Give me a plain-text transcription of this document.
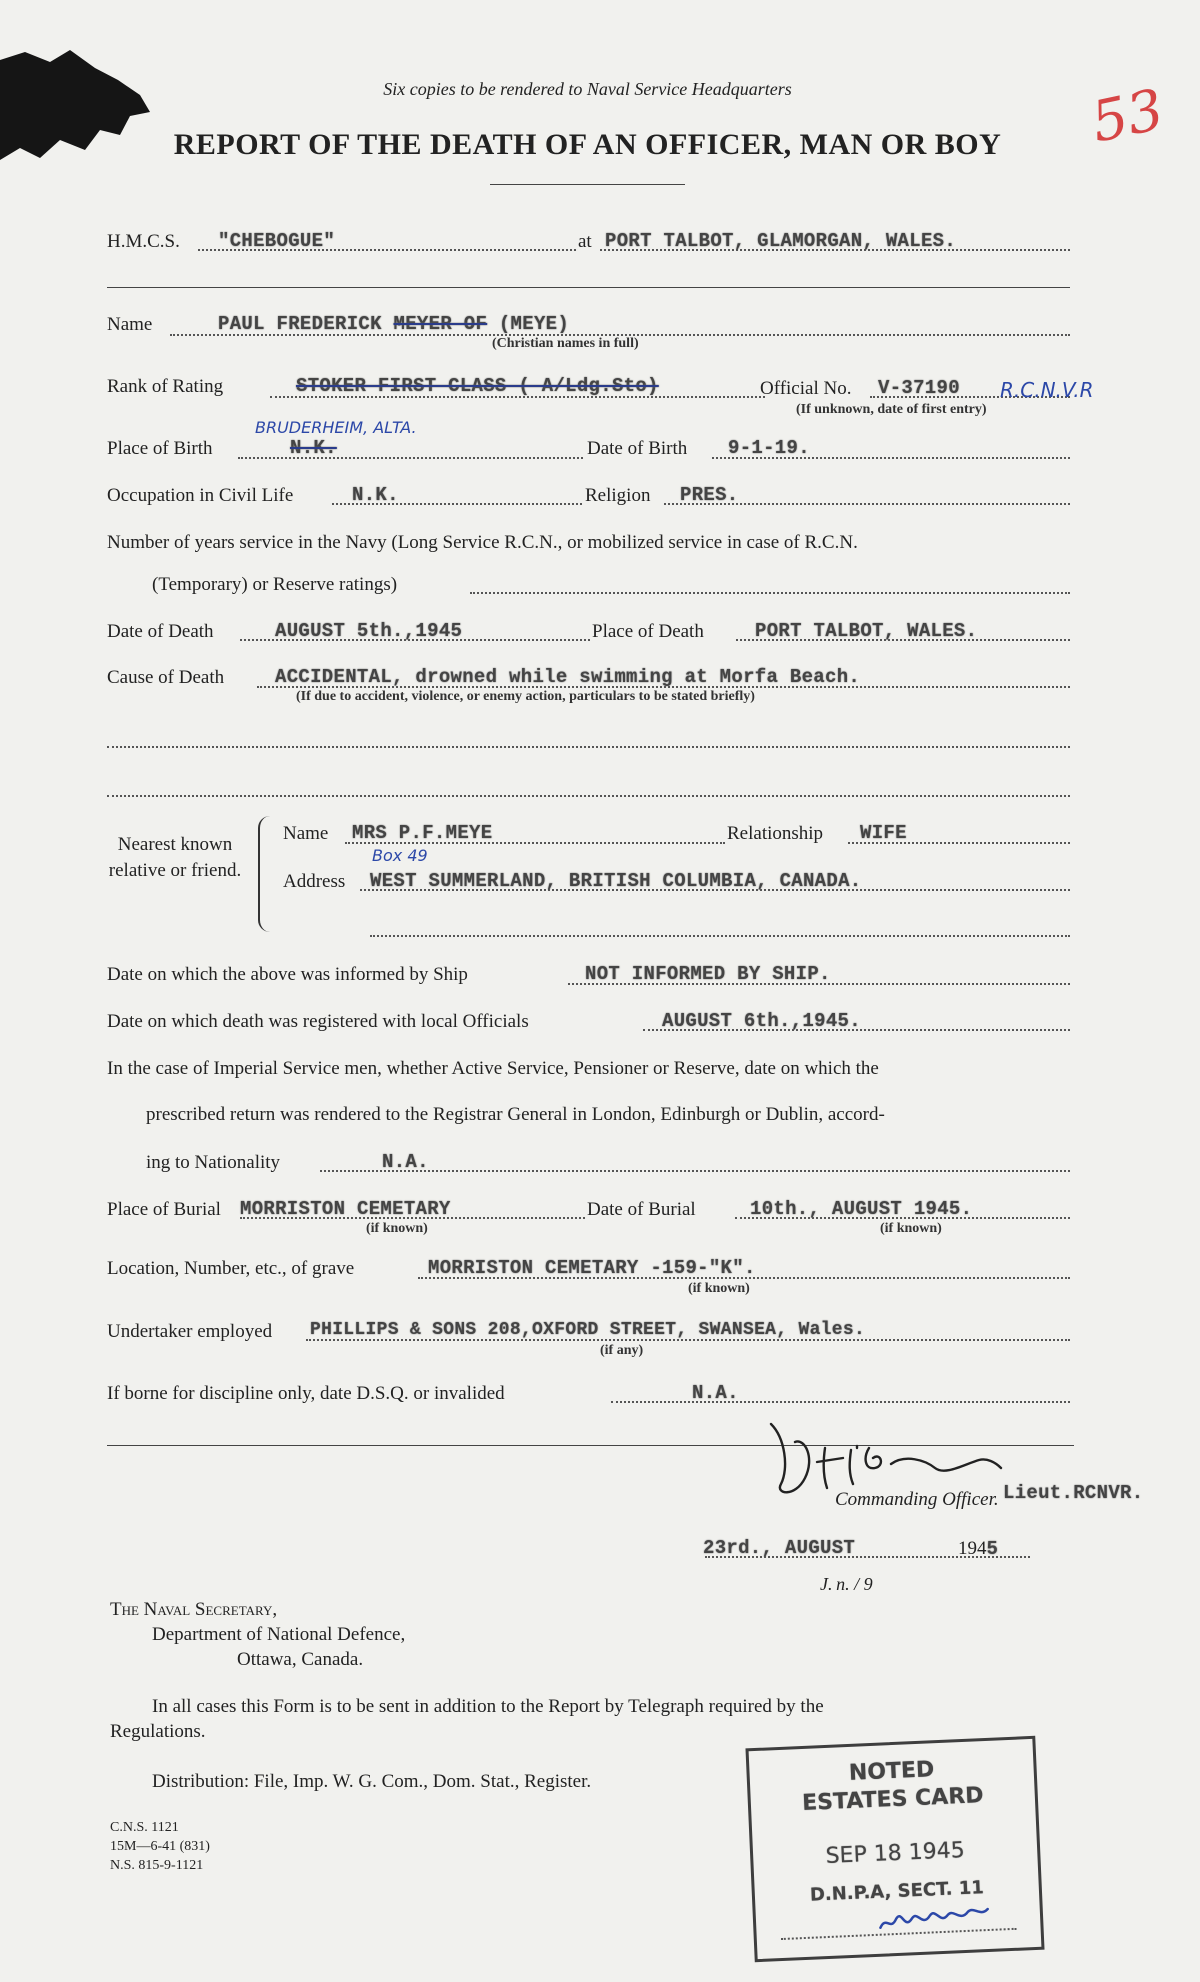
53
Six copies to be rendered to Naval Service Headquarters
REPORT OF THE DEATH OF AN OFFICER, MAN OR BOY
H.M.C.S. "CHEBOGUE"	at PORT TALBOT, GLAMORGAN, WALES.
Name	PAUL FREDERICK MEYER OF (MEYE)
(Christian names in full)
Rank of Rating	STOKER FIRST CLASS ( A/Ldg.Sto)	Official No. V-37190 R.C.N.V.R
(If unknown, date of first entry)
BRUDERHEIM, ALTA.
Place of Birth	N.K.	Date of Birth 9-1-19.
Occupation in Civil Life	N.K.	Religion PRES.
Number of years service in the Navy (Long Service R.C.N., or mobilized service in case of R.C.N.
(Temporary) or Reserve ratings)
Date of Death	AUGUST 5th.,1945	Place of Death	PORT TALBOT, WALES.
Cause of Death	ACCIDENTAL, drowned while swimming at Morfa Beach.
(If due to accident, violence, or enemy action, particulars to be stated briefly)
Nearest known relative or friend.
Name MRS P.F.MEYE	Relationship WIFE
Box 49
Address WEST SUMMERLAND, BRITISH COLUMBIA, CANADA.
Date on which the above was informed by Ship	NOT INFORMED BY SHIP.
Date on which death was registered with local Officials	AUGUST 6th.,1945.
In the case of Imperial Service men, whether Active Service, Pensioner or Reserve, date on which the
prescribed return was rendered to the Registrar General in London, Edinburgh or Dublin, accord-
ing to Nationality	N.A.
Place of Burial MORRISTON CEMETARY
(if known)
Date of Burial	10th., AUGUST 1945.
(if known)
Location, Number, etc., of grave	MORRISTON CEMETARY -159-"K".
(if known)
Undertaker employed PHILLIPS & SONS 208,OXFORD STREET, SWANSEA, Wales.
(if any)
If borne for discipline only, date D.S.Q. or invalided	N.A.
Lieut.RCNVR.
Commanding Officer.
23rd., AUGUST	1945
J. n. / 9
The Naval Secretary,
Department of National Defence,
Ottawa, Canada.
In all cases this Form is to be sent in addition to the Report by Telegraph required by the
Regulations.
Distribution: File, Imp. W. G. Com., Dom. Stat., Register.
C.N.S. 1121
15M—6-41 (831)
N.S. 815-9-1121
NOTED
ESTATES CARD
SEP 18 1945
D.N.P.A, SECT. 11
